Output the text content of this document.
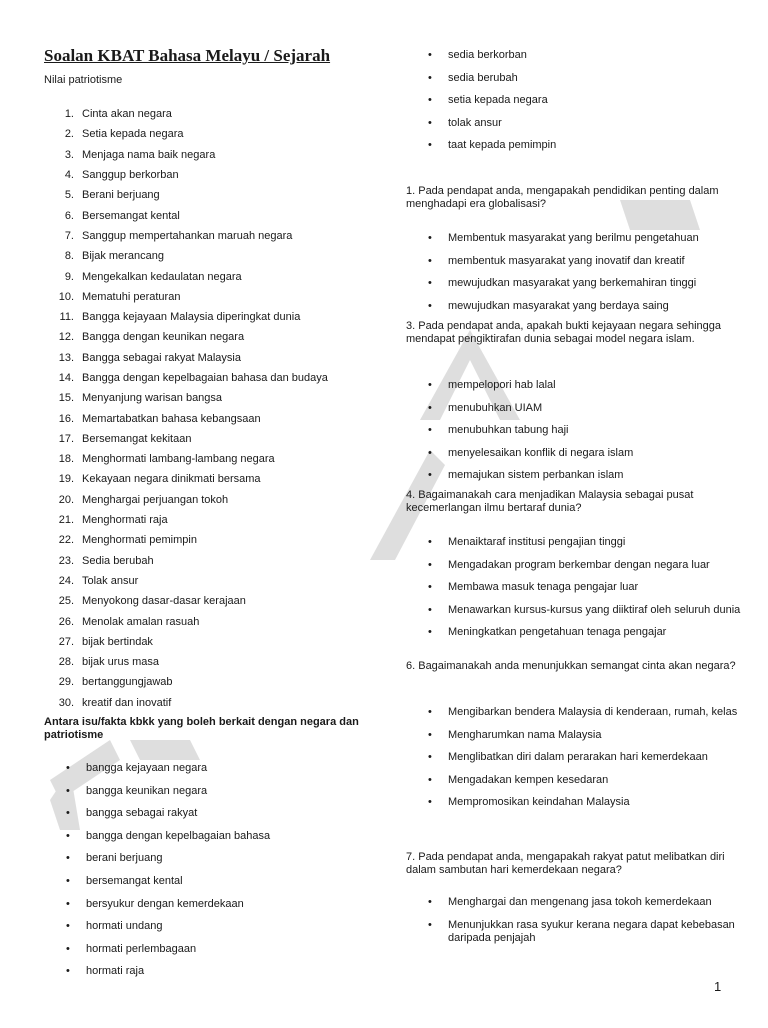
Soalan KBAT Bahasa Melayu / Sejarah
Nilai patriotisme
1. Cinta akan negara
2. Setia kepada negara
3. Menjaga nama baik negara
4. Sanggup berkorban
5. Berani berjuang
6. Bersemangat kental
7. Sanggup mempertahankan maruah negara
8. Bijak merancang
9. Mengekalkan kedaulatan negara
10. Mematuhi peraturan
11. Bangga kejayaan Malaysia diperingkat dunia
12. Bangga dengan keunikan negara
13. Bangga sebagai rakyat Malaysia
14. Bangga dengan kepelbagaian bahasa dan budaya
15. Menyanjung warisan bangsa
16. Memartabatkan bahasa kebangsaan
17. Bersemangat kekitaan
18. Menghormati lambang-lambang negara
19. Kekayaan negara dinikmati bersama
20. Menghargai perjuangan tokoh
21. Menghormati raja
22. Menghormati pemimpin
23. Sedia berubah
24. Tolak ansur
25. Menyokong dasar-dasar kerajaan
26. Menolak amalan rasuah
27. bijak bertindak
28. bijak urus masa
29. bertanggungjawab
30. kreatif dan inovatif
Antara isu/fakta kbkk yang boleh berkait dengan negara dan patriotisme
• bangga kejayaan negara
• bangga keunikan negara
• bangga sebagai rakyat
• bangga dengan kepelbagaian bahasa
• berani berjuang
• bersemangat kental
• bersyukur dengan kemerdekaan
• hormati undang
• hormati perlembagaan
• hormati raja
• sedia berkorban
• sedia berubah
• setia kepada negara
• tolak ansur
• taat kepada pemimpin
1. Pada pendapat anda, mengapakah pendidikan penting dalam menghadapi era globalisasi?
• Membentuk masyarakat yang berilmu pengetahuan
• membentuk masyarakat yang inovatif dan kreatif
• mewujudkan masyarakat yang berkemahiran tinggi
• mewujudkan masyarakat yang berdaya saing
3. Pada pendapat anda, apakah bukti kejayaan negara sehingga mendapat pengiktirafan dunia sebagai model negara islam.
• mempelopori hab lalal
• menubuhkan UIAM
• menubuhkan tabung haji
• menyelesaikan konflik di negara islam
• memajukan sistem perbankan islam
4. Bagaimanakah cara menjadikan Malaysia sebagai pusat kecemerlangan ilmu bertaraf dunia?
• Menaiktaraf institusi pengajian tinggi
• Mengadakan program berkembar dengan negara luar
• Membawa masuk tenaga pengajar luar
• Menawarkan kursus-kursus yang diiktiraf oleh seluruh dunia
• Meningkatkan pengetahuan tenaga pengajar
6. Bagaimanakah anda menunjukkan semangat cinta akan negara?
• Mengibarkan bendera Malaysia di kenderaan, rumah, kelas
• Mengharumkan nama Malaysia
• Menglibatkan diri dalam perarakan hari kemerdekaan
• Mengadakan kempen kesedaran
• Mempromosikan keindahan Malaysia
7. Pada pendapat anda, mengapakah rakyat patut melibatkan diri dalam sambutan hari kemerdekaan negara?
• Menghargai dan mengenang jasa tokoh kemerdekaan
• Menunjukkan rasa syukur kerana negara dapat kebebasan daripada penjajah
1
